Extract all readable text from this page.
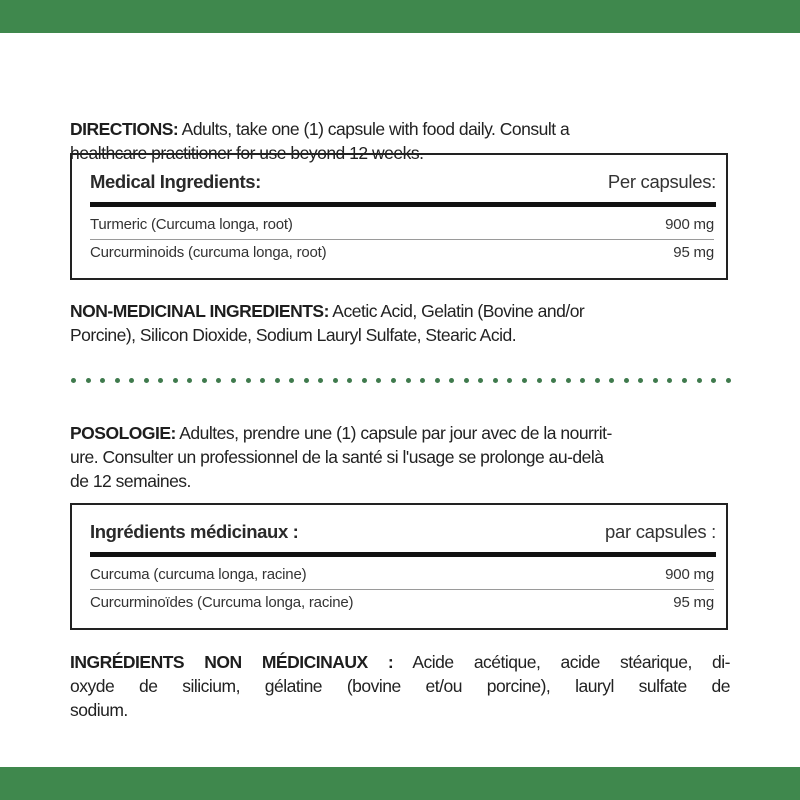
DIRECTIONS: Adults, take one (1) capsule with food daily. Consult a
healthcare practitioner for use beyond 12 weeks.
Medical Ingredients:	Per capsules:
Turmeric (Curcuma longa, root)	900 mg
Curcurminoids (curcuma longa, root)	95 mg
NON-MEDICINAL INGREDIENTS: Acetic Acid, Gelatin (Bovine and/or
Porcine), Silicon Dioxide, Sodium Lauryl Sulfate, Stearic Acid.
POSOLOGIE: Adultes, prendre une (1) capsule par jour avec de la nourrit-
ure. Consulter un professionnel de la santé si l'usage se prolonge au-delà
de 12 semaines.
Ingrédients médicinaux :	par capsules :
Curcuma (curcuma longa, racine)	900 mg
Curcurminoïdes (Curcuma longa, racine)	95 mg
INGRÉDIENTS NON MÉDICINAUX : Acide acétique, acide stéarique, di-
oxyde de silicium, gélatine (bovine et/ou porcine), lauryl sulfate de
sodium.
